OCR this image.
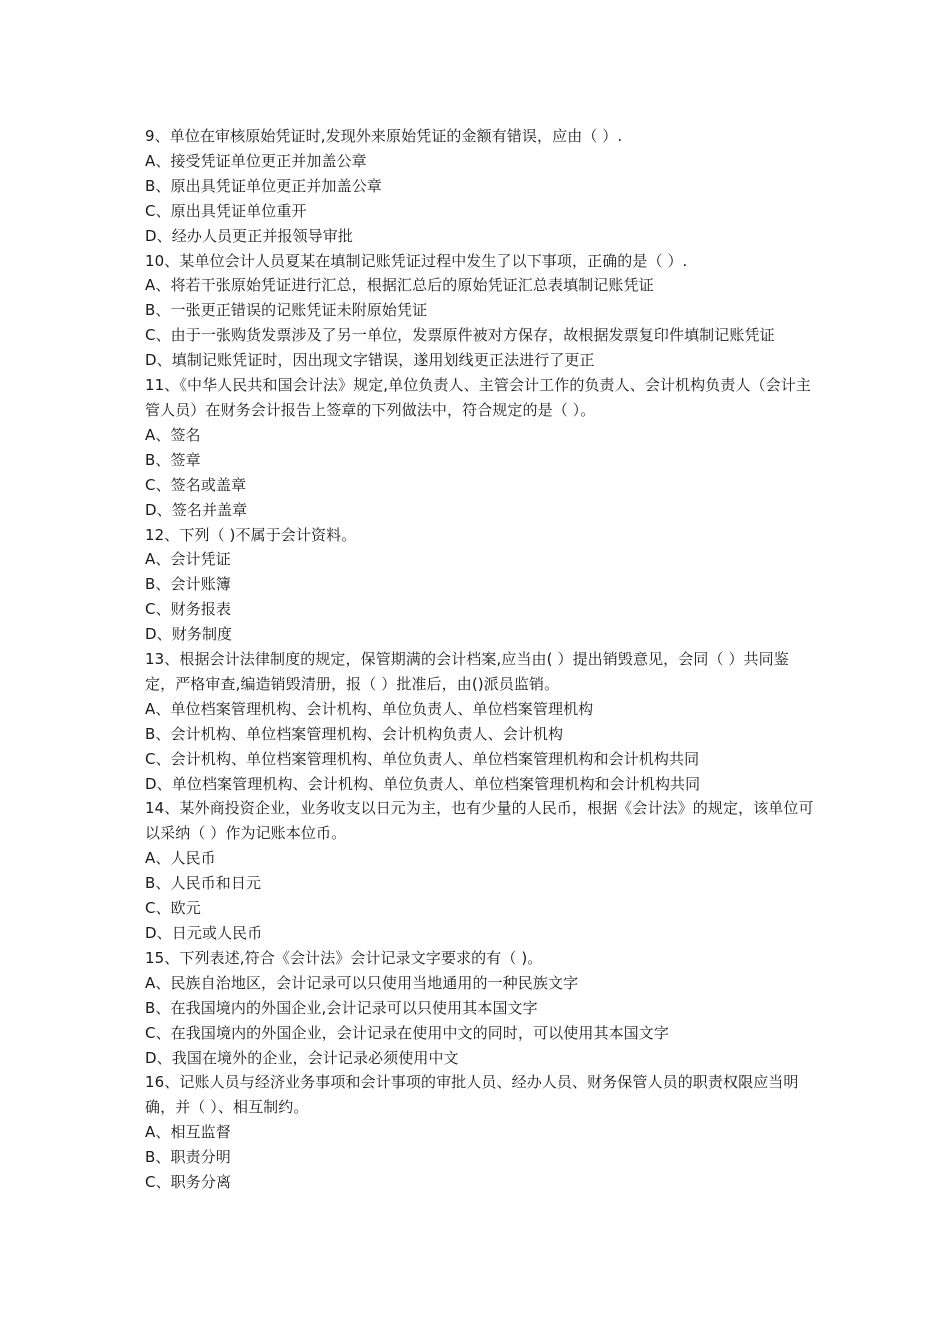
9、单位在审核原始凭证时,发现外来原始凭证的金额有错误，应由（ ）.

A、接受凭证单位更正并加盖公章

B、原出具凭证单位更正并加盖公章

C、原出具凭证单位重开

D、经办人员更正并报领导审批

10、某单位会计人员夏某在填制记账凭证过程中发生了以下事项，正确的是（ ）.

A、将若干张原始凭证进行汇总，根据汇总后的原始凭证汇总表填制记账凭证

B、一张更正错误的记账凭证未附原始凭证

C、由于一张购货发票涉及了另一单位，发票原件被对方保存，故根据发票复印件填制记账凭证

D、填制记账凭证时，因出现文字错误，遂用划线更正法进行了更正

11、《中华人民共和国会计法》规定,单位负责人、主管会计工作的负责人、会计机构负责人（会计主管人员）在财务会计报告上签章的下列做法中，符合规定的是（ ）。

A、签名

B、签章

C、签名或盖章

D、签名并盖章

12、下列（ )不属于会计资料。

A、会计凭证

B、会计账簿

C、财务报表

D、财务制度

13、根据会计法律制度的规定，保管期满的会计档案,应当由( ）提出销毁意见，会同（ ）共同鉴定，严格审查,编造销毁清册，报（ ）批准后，由()派员监销。

A、单位档案管理机构、会计机构、单位负责人、单位档案管理机构

B、会计机构、单位档案管理机构、会计机构负责人、会计机构

C、会计机构、单位档案管理机构、单位负责人、单位档案管理机构和会计机构共同

D、单位档案管理机构、会计机构、单位负责人、单位档案管理机构和会计机构共同

14、某外商投资企业，业务收支以日元为主，也有少量的人民币，根据《会计法》的规定，该单位可以采纳（ ）作为记账本位币。

A、人民币

B、人民币和日元

C、欧元

D、日元或人民币

15、下列表述,符合《会计法》会计记录文字要求的有（ )。

A、民族自治地区，会计记录可以只使用当地通用的一种民族文字

B、在我国境内的外国企业,会计记录可以只使用其本国文字

C、在我国境内的外国企业，会计记录在使用中文的同时，可以使用其本国文字

D、我国在境外的企业，会计记录必须使用中文

16、记账人员与经济业务事项和会计事项的审批人员、经办人员、财务保管人员的职责权限应当明确，并（ ）、相互制约。

A、相互监督

B、职责分明

C、职务分离
